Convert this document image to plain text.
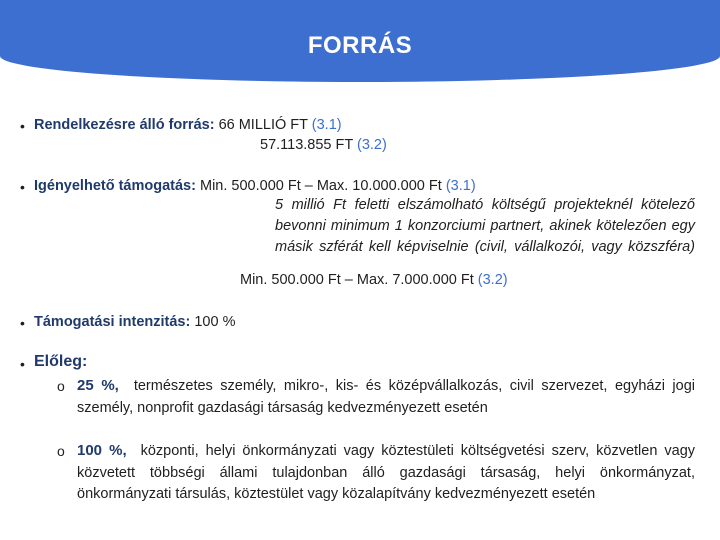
FORRÁS
• Rendelkezésre álló forrás: 66 MILLIÓ FT (3.1)
57.113.855 FT (3.2)
• Igényelhető támogatás: Min. 500.000 Ft – Max. 10.000.000 Ft (3.1)
5 millió Ft feletti elszámolható költségű projekteknél kötelező bevonni minimum 1 konzorciumi partnert, akinek kötelezően egy másik szférát kell képviselnie (civil, vállalkozói, vagy közszféra)
Min. 500.000 Ft – Max. 7.000.000 Ft (3.2)
• Támogatási intenzitás: 100 %
• Előleg:
o 25 %, természetes személy, mikro-, kis- és középvállalkozás, civil szervezet, egyházi jogi személy, nonprofit gazdasági társaság kedvezményezett esetén
o 100 %, központi, helyi önkormányzati vagy köztestületi költségvetési szerv, közvetlen vagy közvetett többségi állami tulajdonban álló gazdasági társaság, helyi önkormányzat, önkormányzati társulás, köztestület vagy közalapítvány kedvezményezett esetén
